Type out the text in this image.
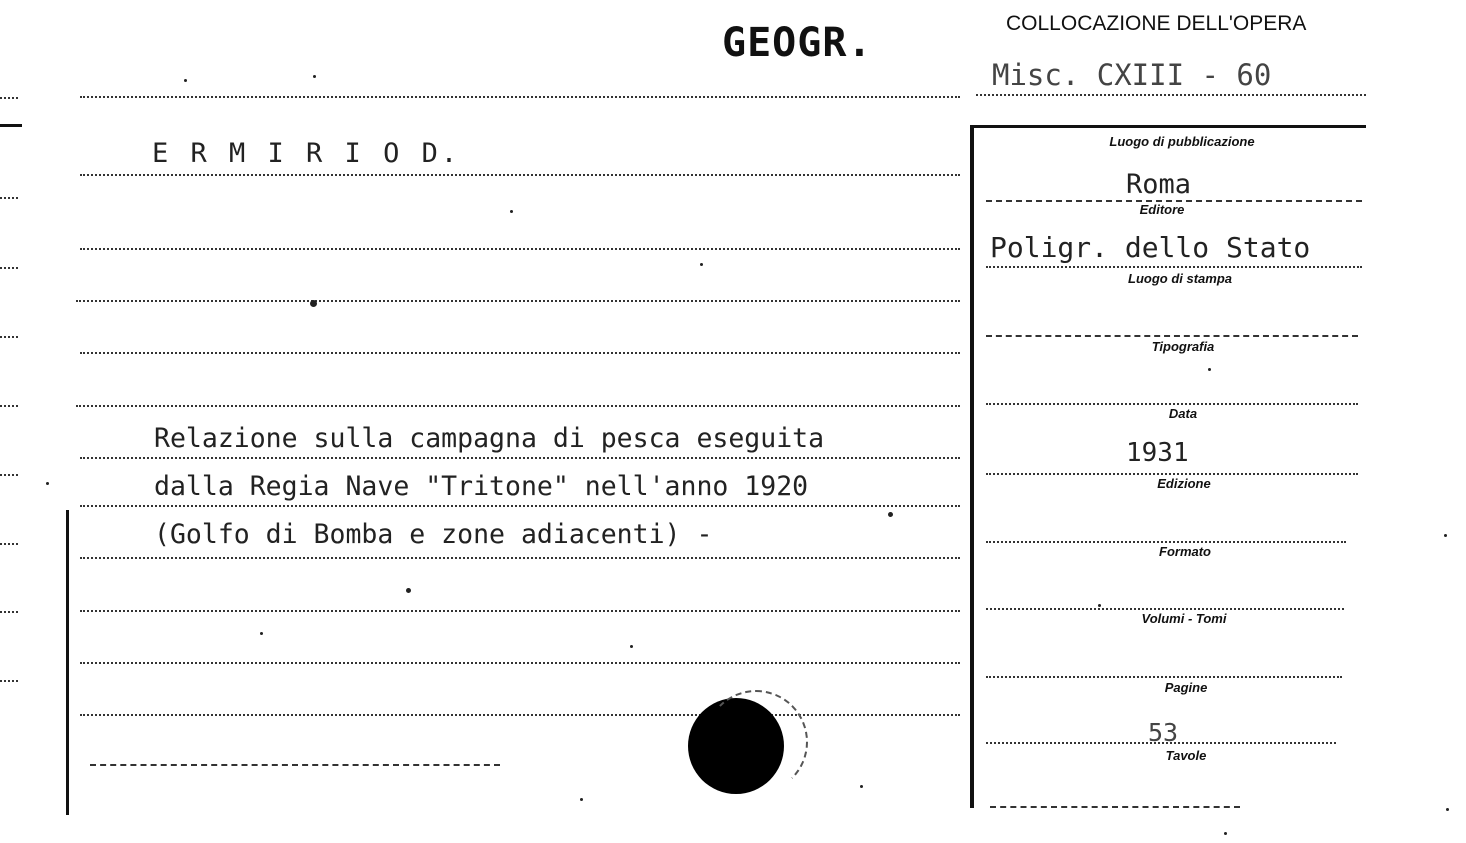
GEOGR.	COLLOCAZIONE DELL'OPERA
Misc. CXIII - 60
E R M I R I O D.
Relazione sulla campagna di pesca eseguita
dalla Regia Nave "Tritone" nell'anno 1920
(Golfo di Bomba e zone adiacenti) -
Luogo di pubblicazione
Roma
Editore
Poligr. dello Stato
Luogo di stampa
Tipografia
Data
1931
Edizione
Formato
Volumi - Tomi
Pagine
53
Tavole
